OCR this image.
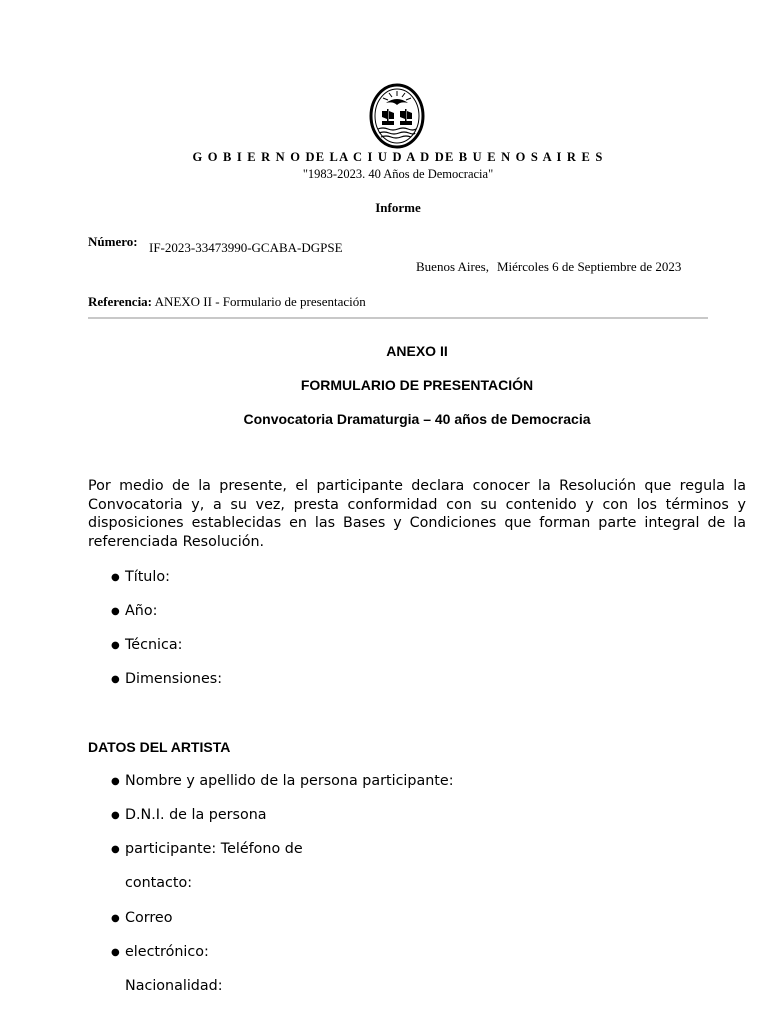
G O B I E R N O DE LA C I U D A D DE B U E N O S A I R E S
"1983-2023. 40 Años de Democracia"
Informe
Número: IF-2023-33473990-GCABA-DGPSE
Buenos Aires, Miércoles 6 de Septiembre de 2023
Referencia: ANEXO II - Formulario de presentación
ANEXO II
FORMULARIO DE PRESENTACIÓN
Convocatoria Dramaturgia – 40 años de Democracia
Por medio de la presente, el participante declara conocer la Resolución que regula la Convocatoria y, a su vez, presta conformidad con su contenido y con los términos y disposiciones establecidas en las Bases y Condiciones que forman parte integral de la referenciada Resolución.
● Título:
● Año:
● Técnica:
● Dimensiones:
DATOS DEL ARTISTA
● Nombre y apellido de la persona participante:
● D.N.I. de la persona
● participante: Teléfono de
contacto:
● Correo
● electrónico:
Nacionalidad:
